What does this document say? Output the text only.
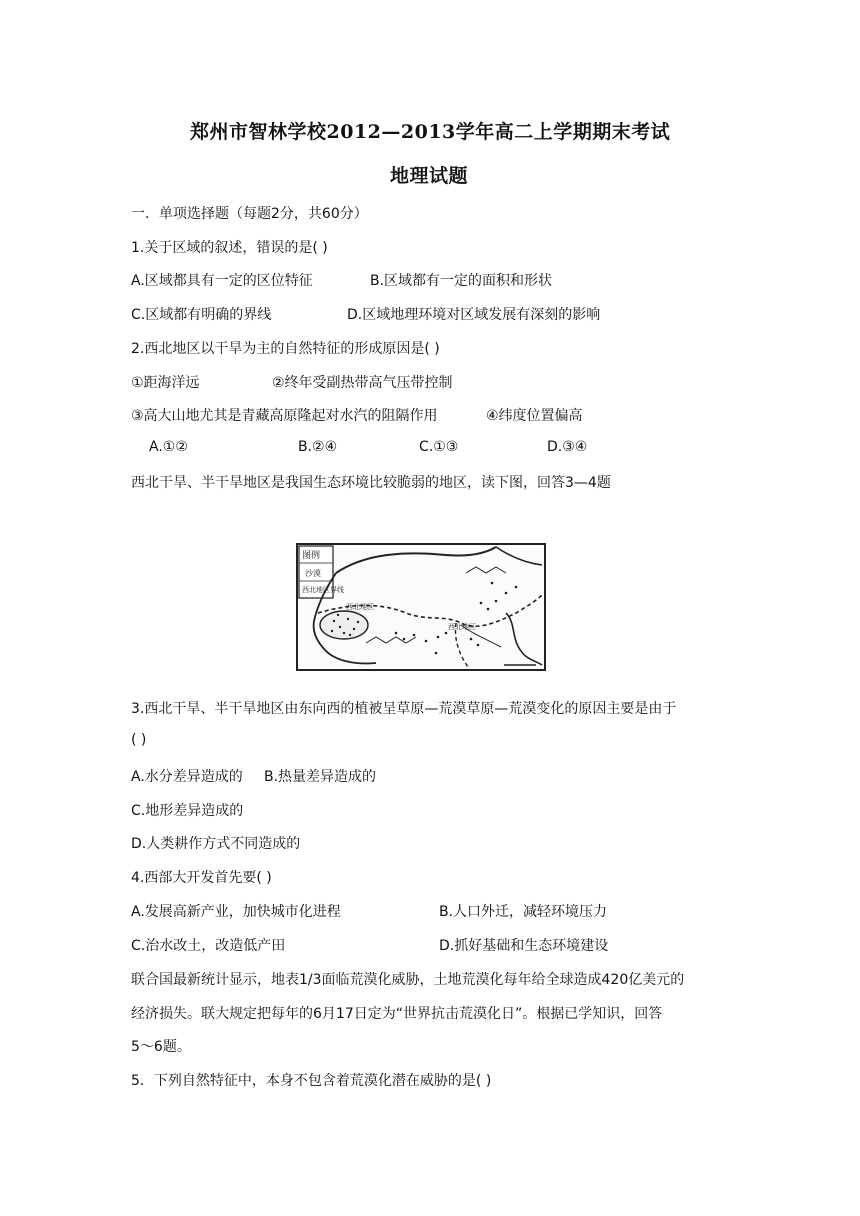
郑州市智林学校2012—2013学年高二上学期期末考试
地理试题
一．单项选择题（每题2分，共60分）
1.关于区域的叙述，错误的是( )
A.区域都具有一定的区位特征	B.区域都有一定的面积和形状
C.区域都有明确的界线	D.区域地理环境对区域发展有深刻的影响
2.西北地区以干旱为主的自然特征的形成原因是( )
①距海洋远	②终年受副热带高气压带控制
③高大山地尤其是青藏高原隆起对水汽的阻隔作用	④纬度位置偏高
A.①②	B.②④	C.①③	D.③④
西北干旱、半干旱地区是我国生态环境比较脆弱的地区，读下图，回答3—4题
图例
沙漠
西北地区界线
西北地区
西北地区
3.西北干旱、半干旱地区由东向西的植被呈草原—荒漠草原—荒漠变化的原因主要是由于
( )
A.水分差异造成的 B.热量差异造成的
C.地形差异造成的
D.人类耕作方式不同造成的
4.西部大开发首先要( )
A.发展高新产业，加快城市化进程	B.人口外迁，减轻环境压力
C.治水改土，改造低产田	D.抓好基础和生态环境建设
联合国最新统计显示，地表1/3面临荒漠化威胁，土地荒漠化每年给全球造成420亿美元的
经济损失。联大规定把每年的6月17日定为“世界抗击荒漠化日”。根据已学知识，回答
5～6题。
5．下列自然特征中，本身不包含着荒漠化潜在威胁的是( )
